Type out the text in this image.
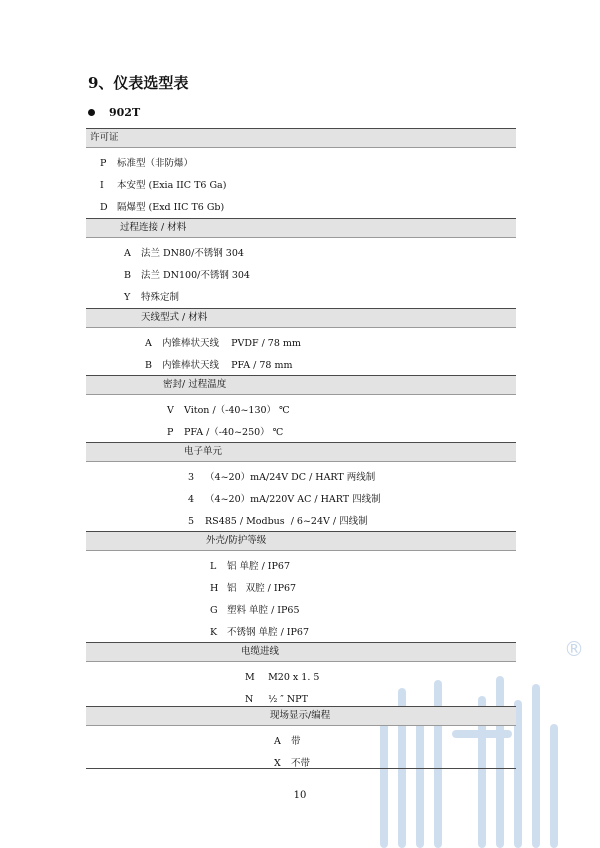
®
9、仪表选型表
902T
许可证
P 标准型（非防爆）
I 本安型 (Exia IIC T6 Ga)
D 隔爆型 (Exd IIC T6 Gb)
过程连接 / 材料
A 法兰 DN80/不锈钢 304
B 法兰 DN100/不锈钢 304
Y 特殊定制
天线型式 / 材料
A 内锥棒状天线    PVDF / 78 mm
B 内锥棒状天线    PFA / 78 mm
密封/ 过程温度
V Viton /（-40~130） ℃
P PFA /（-40~250） ℃
电子单元
3 （4~20）mA/24V DC / HART 两线制
4 （4~20）mA/220V AC / HART 四线制
5 RS485 / Modbus  / 6~24V / 四线制
外壳/防护等级
L 铝 单腔 / IP67
H 铝   双腔 / IP67
G 塑料 单腔 / IP65
K 不锈钢 单腔 / IP67
电缆进线
M   M20 x 1. 5
N   ½ ″ NPT
现场显示/编程
A 带
X 不带
10
